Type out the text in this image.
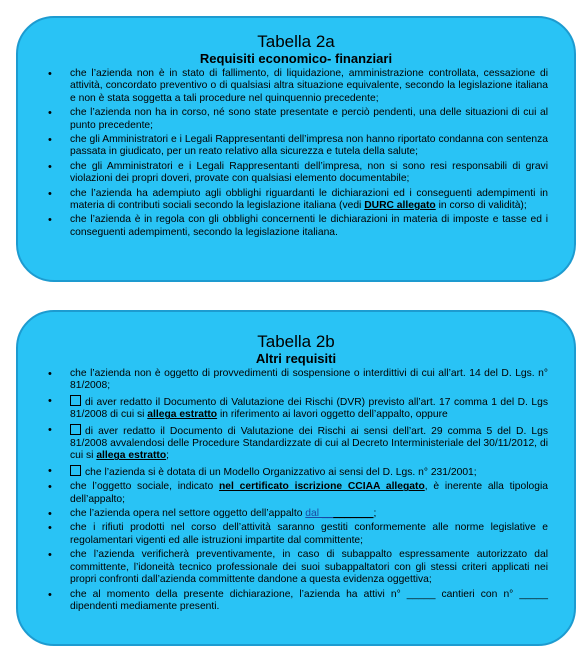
Tabella 2a
Requisiti economico- finanziari
• che l’azienda non è in stato di fallimento, di liquidazione, amministrazione controllata, cessazione di attività, concordato preventivo o di qualsiasi altra situazione equivalente, secondo la legislazione italiana e non è stata soggetta a tali procedure nel quinquennio precedente;
• che l’azienda non ha in corso, né sono state presentate e perciò pendenti, una delle situazioni di cui al punto precedente;
• che gli Amministratori e i Legali Rappresentanti dell’impresa non hanno riportato condanna con sentenza passata in giudicato, per un reato relativo alla sicurezza e tutela della salute;
• che gli Amministratori e i Legali Rappresentanti dell’impresa, non si sono resi responsabili di gravi violazioni dei propri doveri, provate con qualsiasi elemento documentabile;
• che l’azienda ha adempiuto agli obblighi riguardanti le dichiarazioni ed i conseguenti adempimenti in materia di contributi sociali secondo la legislazione italiana (vedi DURC allegato in corso di validità);
• che l’azienda è in regola con gli obblighi concernenti le dichiarazioni in materia di imposte e tasse ed i conseguenti adempimenti, secondo la legislazione italiana.
Tabella 2b
Altri requisiti
• che l’azienda non è oggetto di provvedimenti di sospensione o interdittivi di cui all’art. 14 del D. Lgs. n° 81/2008;
• di aver redatto il Documento di Valutazione dei Rischi (DVR) previsto all’art. 17 comma 1 del D. Lgs 81/2008 di cui si allega estratto in riferimento ai lavori oggetto dell’appalto, oppure
• di aver redatto il Documento di Valutazione dei Rischi ai sensi dell’art. 29 comma 5 del D. Lgs 81/2008 avvalendosi delle Procedure Standardizzate di cui al Decreto Interministeriale del 30/11/2012, di cui si allega estratto;
• che l’azienda si è dotata di un Modello Organizzativo ai sensi del D. Lgs. n° 231/2001;
• che l’oggetto sociale, indicato nel certificato iscrizione CCIAA allegato, è inerente alla tipologia dell’appalto;
• che l’azienda opera nel settore oggetto dell’appalto dal _________;
• che i rifiuti prodotti nel corso dell’attività saranno gestiti conformemente alle norme legislative e regolamentari vigenti ed alle istruzioni impartite dal committente;
• che l’azienda verificherà preventivamente, in caso di subappalto espressamente autorizzato dal committente, l’idoneità tecnico professionale dei suoi subappaltatori con gli stessi criteri applicati nei propri confronti dall’azienda committente dandone a questa evidenza oggettiva;
• che al momento della presente dichiarazione, l’azienda ha attivi n° _____ cantieri con n° _____ dipendenti mediamente presenti.
